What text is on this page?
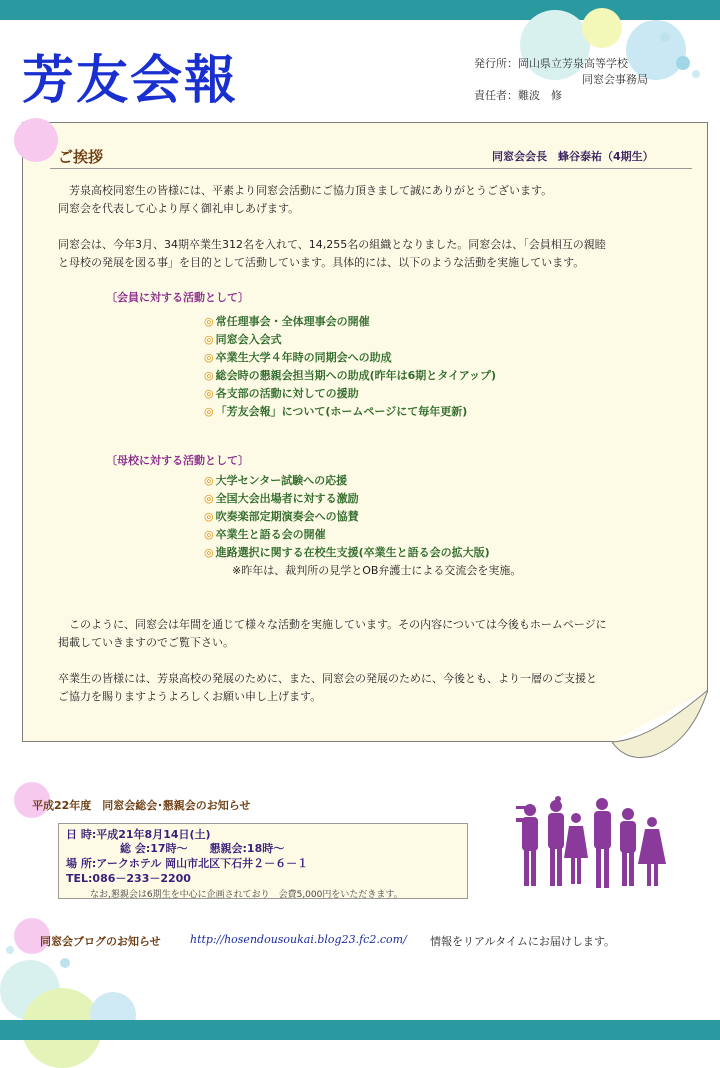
芳友会報	発行所：岡山県立芳泉高等学校
同窓会事務局
責任者：難波　修
ご挨拶	同窓会会長　蜂谷泰祐（4期生）
　芳泉高校同窓生の皆様には、平素より同窓会活動にご協力頂きまして誠にありがとうございます。
同窓会を代表して心より厚く御礼申しあげます。
同窓会は、今年3月、34期卒業生312名を入れて、14,255名の組織となりました。同窓会は、「会員相互の親睦
と母校の発展を図る事」を目的として活動しています。具体的には、以下のような活動を実施しています。
〔会員に対する活動として〕
◎ 常任理事会・全体理事会の開催
◎ 同窓会入会式
◎ 卒業生大学４年時の同期会への助成
◎ 総会時の懇親会担当期への助成(昨年は6期とタイアップ)
◎ 各支部の活動に対しての援助
◎ 「芳友会報」について(ホームページにて毎年更新)
〔母校に対する活動として〕
◎ 大学センター試験への応援
◎ 全国大会出場者に対する激励
◎ 吹奏楽部定期演奏会への協賛
◎ 卒業生と語る会の開催
◎ 進路選択に関する在校生支援(卒業生と語る会の拡大版)
※昨年は、裁判所の見学とOB弁護士による交流会を実施。
　このように、同窓会は年間を通じて様々な活動を実施しています。その内容については今後もホームページに
掲載していきますのでご覧下さい。
卒業生の皆様には、芳泉高校の発展のために、また、同窓会の発展のために、今後とも、より一層のご支援と
ご協力を賜りますようよろしくお願い申し上げます。
平成22年度　同窓会総会･懇親会のお知らせ
日 時:平成21年8月14日(土)
総 会:17時～　　懇親会:18時～
場 所:アークホテル 岡山市北区下石井２－６－１
TEL:086－233－2200
なお,懇親会は6期生を中心に企画されており　会費5,000円をいただきます。
同窓会ブログのお知らせ	http://hosendousoukai.blog23.fc2.com/ 情報をリアルタイムにお届けします。
